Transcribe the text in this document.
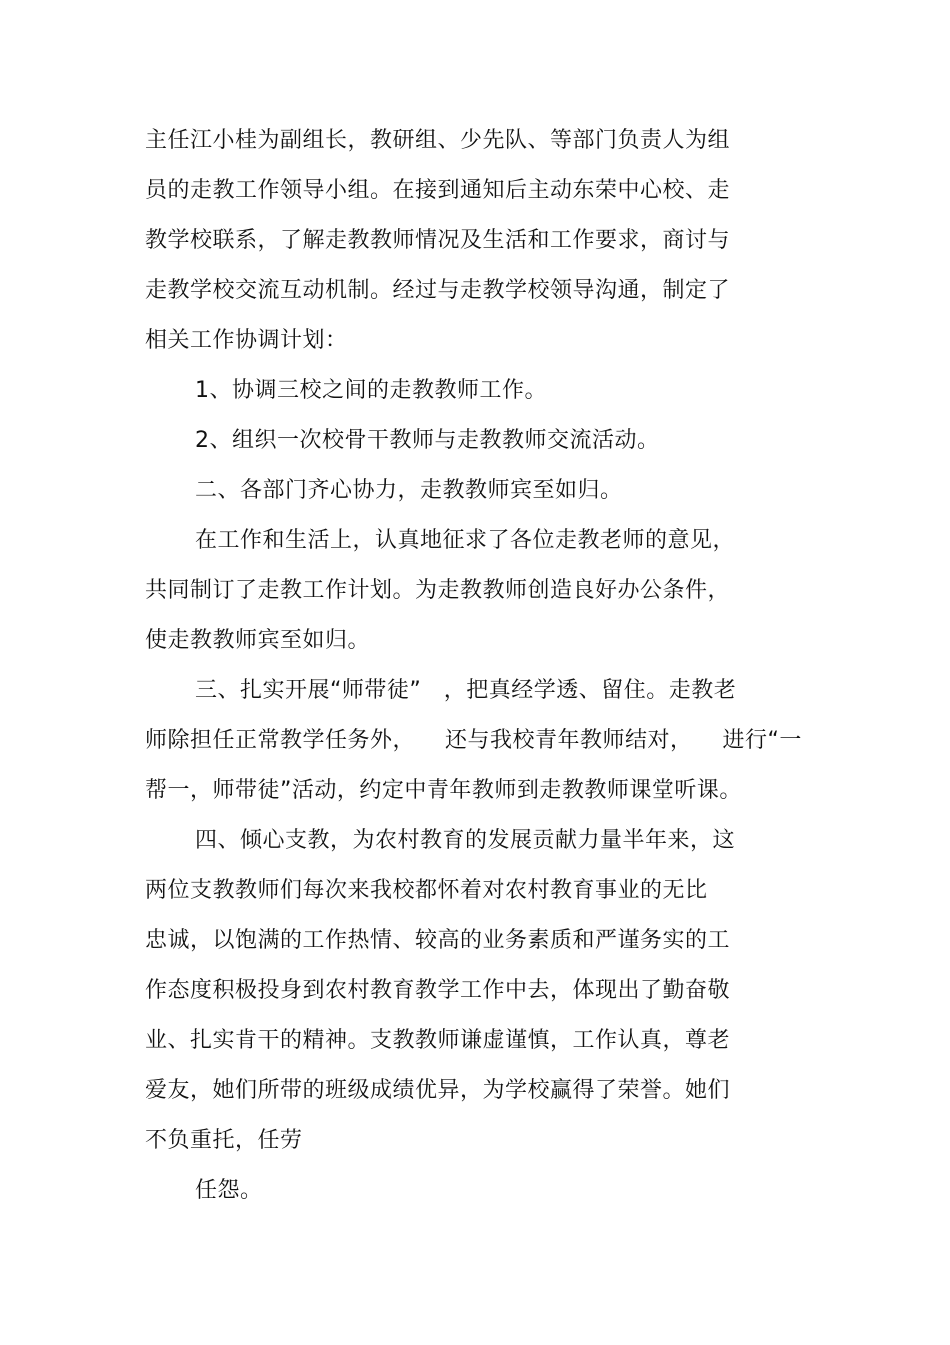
主任江小桂为副组长，教研组、少先队、等部门负责人为组
员的走教工作领导小组。在接到通知后主动东荣中心校、走
教学校联系，了解走教教师情况及生活和工作要求，商讨与
走教学校交流互动机制。经过与走教学校领导沟通，制定了
相关工作协调计划：
1、协调三校之间的走教教师工作。
2、组织一次校骨干教师与走教教师交流活动。
二、各部门齐心协力，走教教师宾至如归。
在工作和生活上，认真地征求了各位走教老师的意见，
共同制订了走教工作计划。为走教教师创造良好办公条件，
使走教教师宾至如归。
三、扎实开展“师带徒”   ，把真经学透、留住。走教老
师除担任正常教学任务外，    还与我校青年教师结对，    进行“一
帮一，师带徒”活动，约定中青年教师到走教教师课堂听课。
四、倾心支教，为农村教育的发展贡献力量半年来，这
两位支教教师们每次来我校都怀着对农村教育事业的无比
忠诚，以饱满的工作热情、较高的业务素质和严谨务实的工
作态度积极投身到农村教育教学工作中去，体现出了勤奋敬
业、扎实肯干的精神。支教教师谦虚谨慎，工作认真，尊老
爱友，她们所带的班级成绩优异，为学校赢得了荣誉。她们
不负重托，任劳
任怨。
